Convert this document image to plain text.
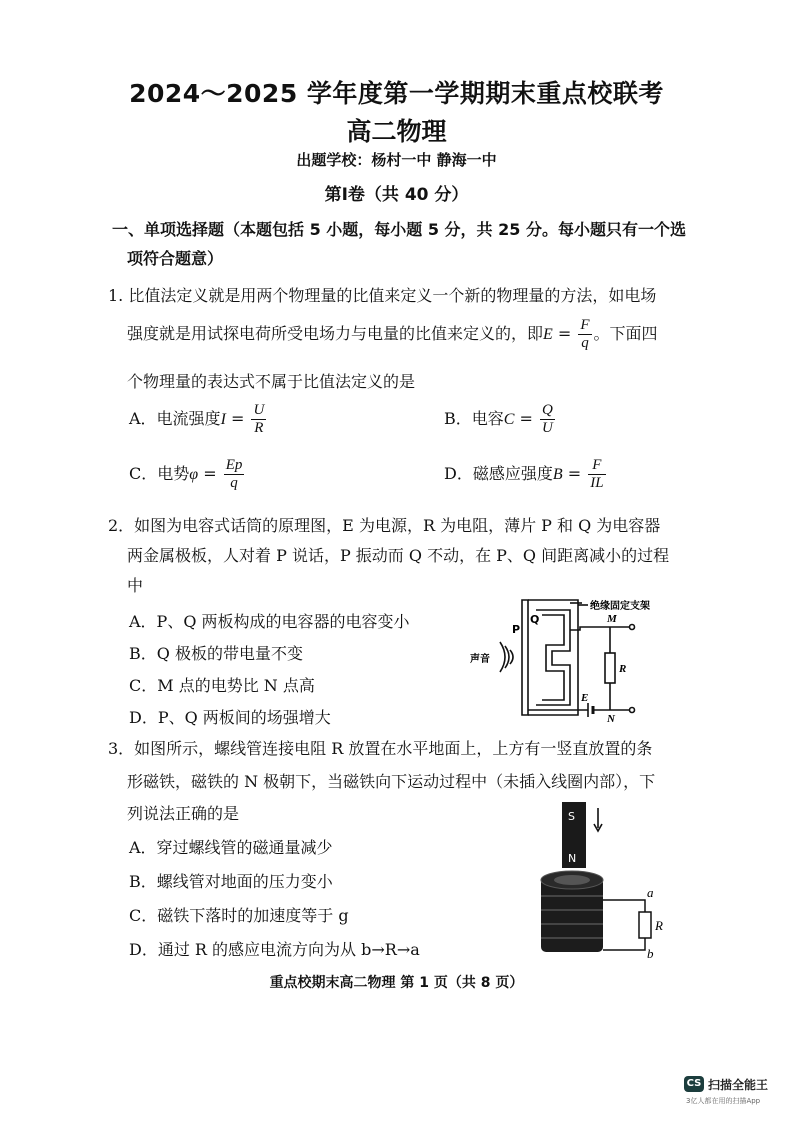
2024～2025 学年度第一学期期末重点校联考
高二物理
出题学校：杨村一中 静海一中
第Ⅰ卷（共 40 分）
一、单项选择题（本题包括 5 小题，每小题 5 分，共 25 分。每小题只有一个选
项符合题意）
1. 比值法定义就是用两个物理量的比值来定义一个新的物理量的方法，如电场
强度就是用试探电荷所受电场力与电量的比值来定义的，即$E = \frac{F}{q}$ 。下面四
个物理量的表达式不属于比值法定义的是
A．电流强度$I = \frac{U}{R}$	B．电容$C = \frac{Q}{U}$
C．电势$\varphi = \frac{Ep}{q}$	D．磁感应强度$B = \frac{F}{IL}$
2．如图为电容式话筒的原理图，E 为电源，R 为电阻，薄片 P 和 Q 为电容器
两金属极板，人对着 P 说话，P 振动而 Q 不动，在 P、Q 间距离减小的过程
中
A．P、Q 两板构成的电容器的电容变小
B．Q 极板的带电量不变
C．M 点的电势比 N 点高
D．P、Q 两板间的场强增大
绝缘固定支架
声音
P
Q	M
N
R
E
3．如图所示，螺线管连接电阻 R 放置在水平地面上，上方有一竖直放置的条
形磁铁，磁铁的 N 极朝下，当磁铁向下运动过程中（未插入线圈内部），下
列说法正确的是
A．穿过螺线管的磁通量减少
B．螺线管对地面的压力变小
C．磁铁下落时的加速度等于 g
D．通过 R 的感应电流方向为从 b→R→a
S
N
a
R
b
重点校期末高二物理 第 1 页（共 8 页）
CS 扫描全能王
3亿人都在用的扫描App
